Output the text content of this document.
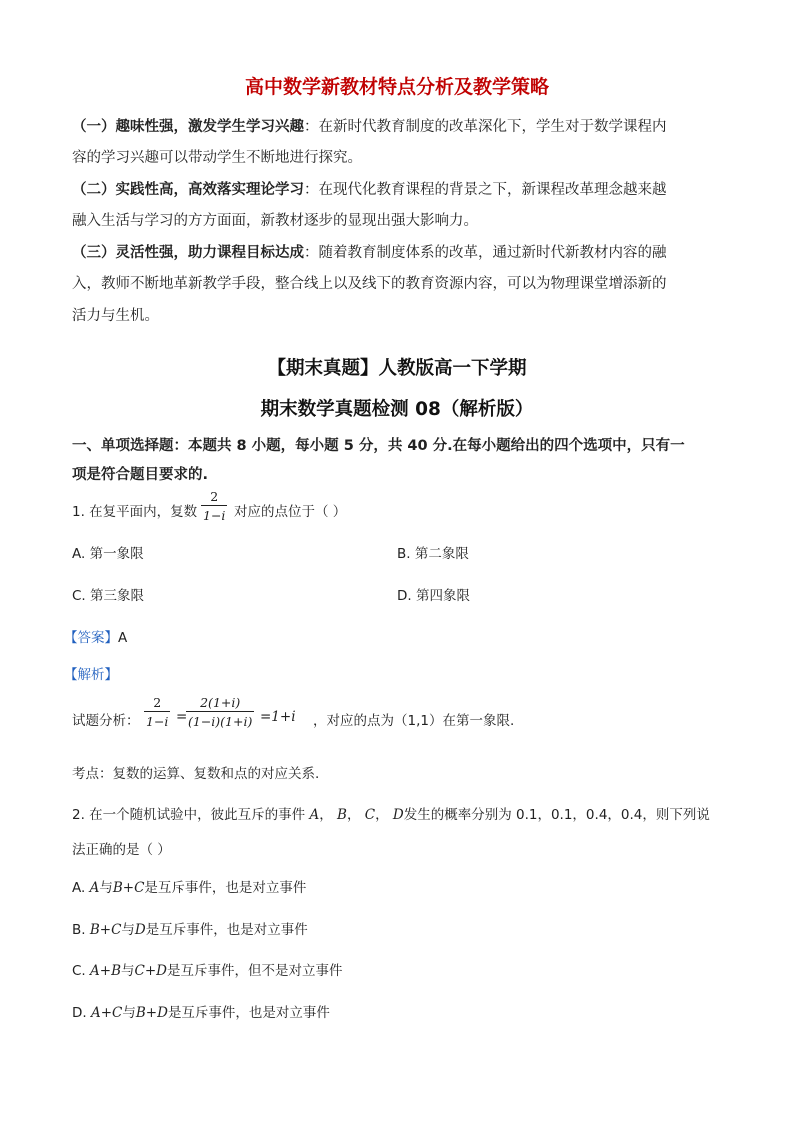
高中数学新教材特点分析及教学策略
（一）趣味性强，激发学生学习兴趣：在新时代教育制度的改革深化下，学生对于数学课程内
容的学习兴趣可以带动学生不断地进行探究。
（二）实践性高，高效落实理论学习：在现代化教育课程的背景之下，新课程改革理念越来越
融入生活与学习的方方面面，新教材逐步的显现出强大影响力。
（三）灵活性强，助力课程目标达成：随着教育制度体系的改革，通过新时代新教材内容的融
入，教师不断地革新教学手段，整合线上以及线下的教育资源内容，可以为物理课堂增添新的
活力与生机。
【期末真题】人教版高一下学期
期末数学真题检测 08（解析版）
一、单项选择题：本题共 8 小题，每小题 5 分，共 40 分.在每小题给出的四个选项中，只有一
项是符合题目要求的.
1. 在复平面内，复数
2
1−i 对应的点位于（ ）
A. 第一象限	B. 第二象限
C. 第三象限	D. 第四象限
【答案】A
【解析】
试题分析：
2
1−i =
2(1+i)
(1−i)(1+i) =1+i ，对应的点为（1,1）在第一象限.
考点：复数的运算、复数和点的对应关系.
2. 在一个随机试验中，彼此互斥的事件 A， B， C， D发生的概率分别为 0.1，0.1，0.4，0.4，则下列说
法正确的是（ ）
A. A与B+C是互斥事件，也是对立事件
B. B+C与D是互斥事件，也是对立事件
C. A+B与C+D是互斥事件，但不是对立事件
D. A+C与B+D是互斥事件，也是对立事件
